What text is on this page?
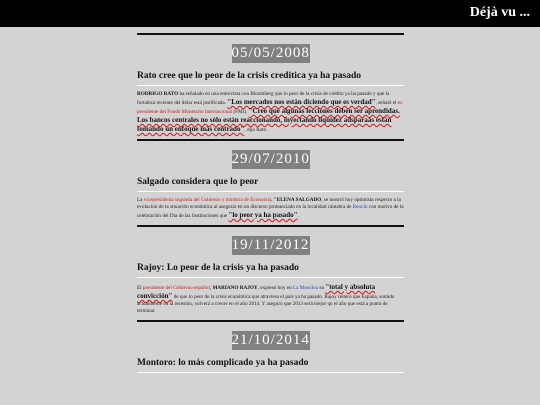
Déjà vu ...
05/05/2008
Rato cree que lo peor de la crisis creditica ya ha pasado
RODRIGO RATO ha señalado en una entrevista con Bloomberg que lo peor de la crisis de crédito ya ha pasado y que la fortaleza reciente del dólar está justificada. "Los mercados nos están diciendo que es verdad", señaló el ex presidente del Fondo Monetario Internacional (FMI). "Creo que algunas lecciones deben ser aprendidas. Los bancos centrales no sólo están reaccionando, inyectando liquidez adsparaás están tomando un enfoque más centrado", dijo Rato.
29/07/2010
Salgado considera que lo peor
La vicepresidenta segunda del Gobierno y ministra de Economía, "ELENA SALGADO, se mostró hoy optimista respecto a la evolución de la situación económica al asegurar en un discurso pronunciado en la localidad cántabra de Reocín con motivo de la celebración del Día de las Instituciones que "lo peor ya ha pasado".
19/11/2012
Rajoy: Lo peor de la crisis ya ha pasado
El presidente del Gobierno español, MARIANO RAJOY, expresó hoy en La Moncloa su "total y absoluta convicción" de que lo peor de la crisis económica que atraviesa el país ya ha pasado. Rajoy reiteró que España, sumida actualmente en la recesión, volverá a crecer en el año 2014. Y aseguró que 2013 será mejor qu el año que está a punto de terminar.
21/10/2014
Montoro: lo más complicado ya ha pasado
